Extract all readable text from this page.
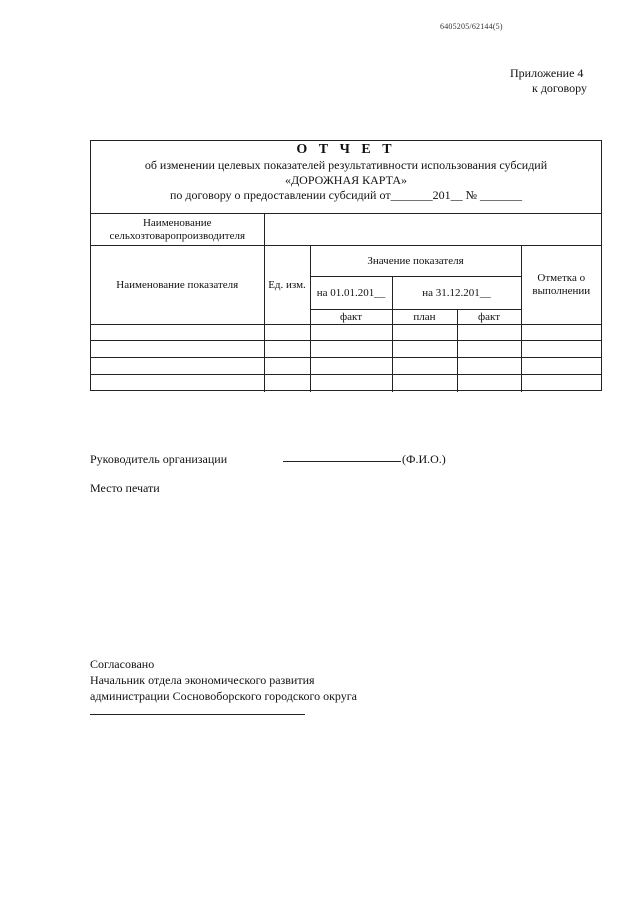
6405205/62144(5)
Приложение 4
к договору
О Т Ч Е Т
об изменении целевых показателей результативности использования субсидий
«ДОРОЖНАЯ КАРТА»
по договору о предоставлении субсидий от_______201__ № _______
Наименование сельхозтоваропроизводителя					
Наименование показателя	Ед. изм.	Значение показателя			Отметка о выполнении
		на 01.01.201__	на 31.12.201__		
		факт	план	факт	

Руководитель организации	(Ф.И.О.)
Место печати
Согласовано
Начальник отдела экономического развития
администрации Сосновоборского городского округа
